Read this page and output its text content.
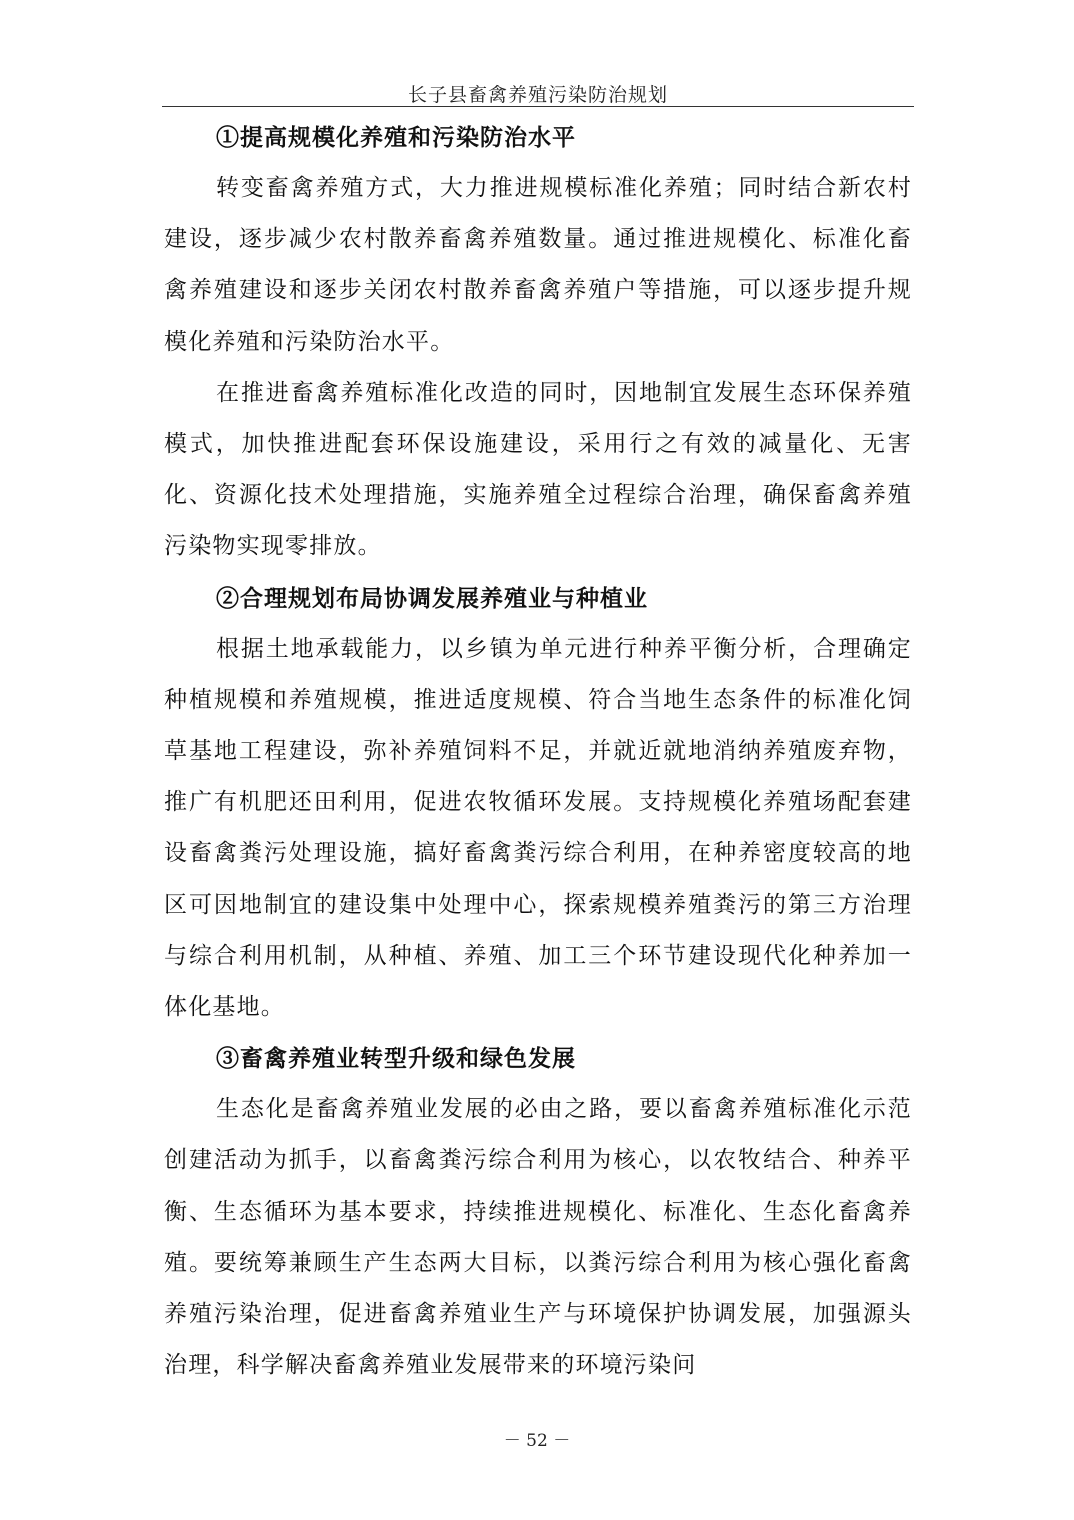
长子县畜禽养殖污染防治规划

①提高规模化养殖和污染防治水平

转变畜禽养殖方式，大力推进规模标准化养殖；同时结合新农村建设，逐步减少农村散养畜禽养殖数量。通过推进规模化、标准化畜禽养殖建设和逐步关闭农村散养畜禽养殖户等措施，可以逐步提升规模化养殖和污染防治水平。

在推进畜禽养殖标准化改造的同时，因地制宜发展生态环保养殖模式，加快推进配套环保设施建设，采用行之有效的减量化、无害化、资源化技术处理措施，实施养殖全过程综合治理，确保畜禽养殖污染物实现零排放。

②合理规划布局协调发展养殖业与种植业

根据土地承载能力，以乡镇为单元进行种养平衡分析，合理确定种植规模和养殖规模，推进适度规模、符合当地生态条件的标准化饲草基地工程建设，弥补养殖饲料不足，并就近就地消纳养殖废弃物，推广有机肥还田利用，促进农牧循环发展。支持规模化养殖场配套建设畜禽粪污处理设施，搞好畜禽粪污综合利用，在种养密度较高的地区可因地制宜的建设集中处理中心，探索规模养殖粪污的第三方治理与综合利用机制，从种植、养殖、加工三个环节建设现代化种养加一体化基地。

③畜禽养殖业转型升级和绿色发展

生态化是畜禽养殖业发展的必由之路，要以畜禽养殖标准化示范创建活动为抓手，以畜禽粪污综合利用为核心，以农牧结合、种养平衡、生态循环为基本要求，持续推进规模化、标准化、生态化畜禽养殖。要统筹兼顾生产生态两大目标，以粪污综合利用为核心强化畜禽养殖污染治理，促进畜禽养殖业生产与环境保护协调发展，加强源头治理，科学解决畜禽养殖业发展带来的环境污染问

－ 52 －
